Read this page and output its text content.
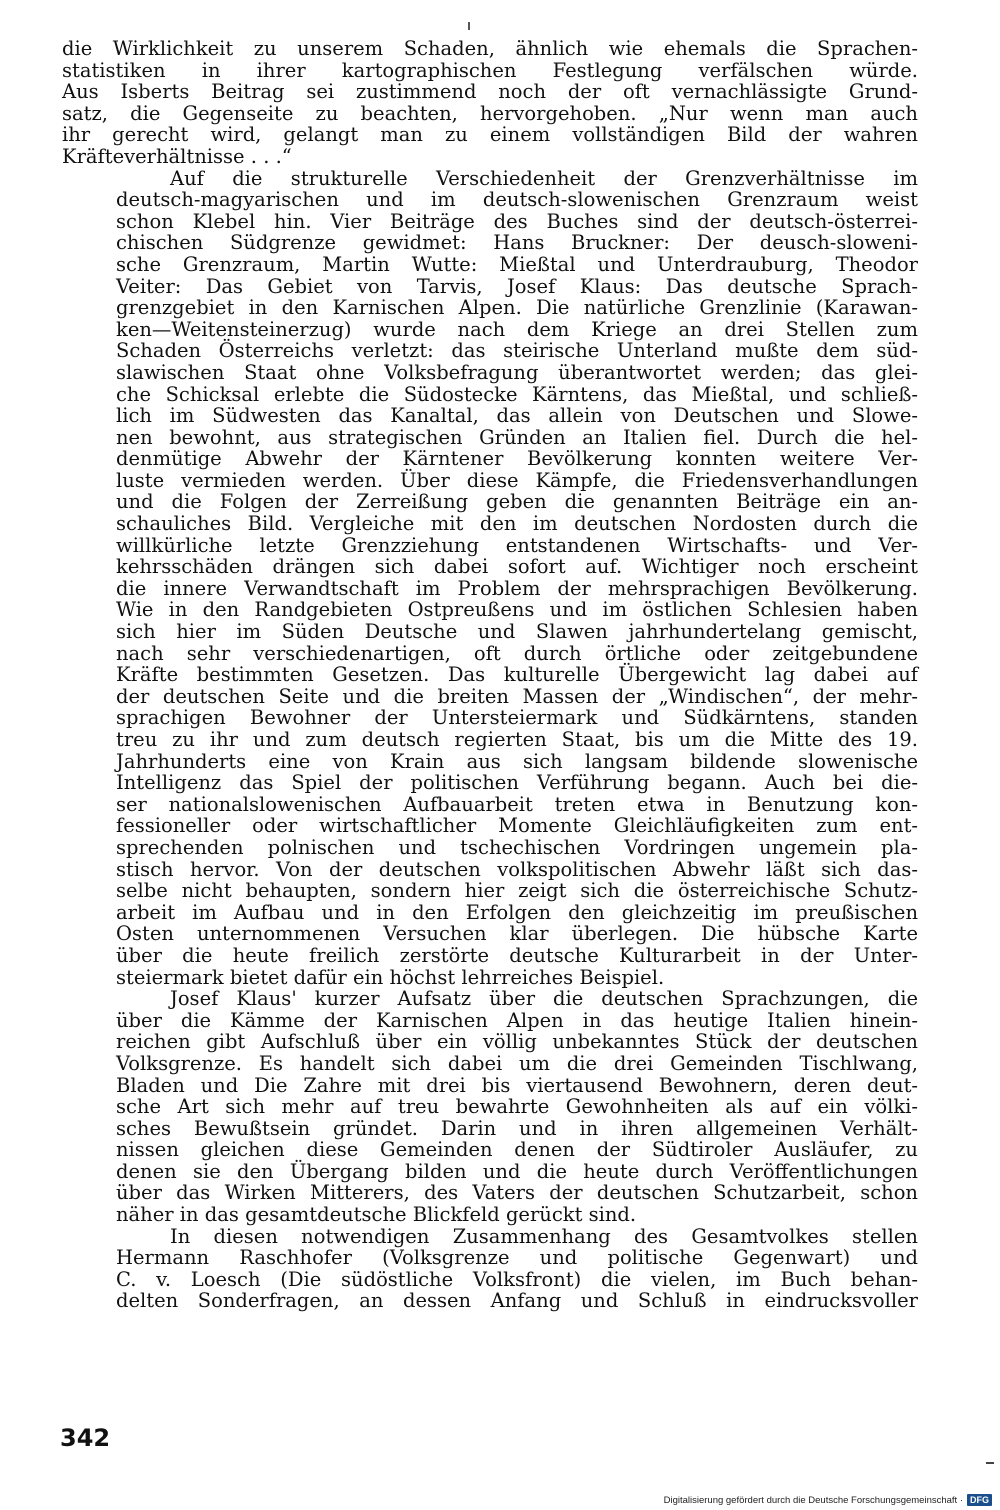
die Wirklichkeit zu unserem Schaden, ähnlich wie ehemals die Sprachen-
statistiken in ihrer kartographischen Festlegung verfälschen würde.
Aus Isberts Beitrag sei zustimmend noch der oft vernachlässigte Grund-
satz, die Gegenseite zu beachten, hervorgehoben. „Nur wenn man auch
ihr gerecht wird, gelangt man zu einem vollständigen Bild der wahren
Kräfteverhältnisse . . .“

Auf die strukturelle Verschiedenheit der Grenzverhältnisse im
deutsch-magyarischen und im deutsch-slowenischen Grenzraum weist
schon Klebel hin. Vier Beiträge des Buches sind der deutsch-österrei-
chischen Südgrenze gewidmet: Hans Bruckner: Der deusch-sloweni-
sche Grenzraum, Martin Wutte: Mießtal und Unterdrauburg, Theodor
Veiter: Das Gebiet von Tarvis, Josef Klaus: Das deutsche Sprach-
grenzgebiet in den Karnischen Alpen. Die natürliche Grenzlinie (Karawan-
ken—Weitensteinerzug) wurde nach dem Kriege an drei Stellen zum
Schaden Österreichs verletzt: das steirische Unterland mußte dem süd-
slawischen Staat ohne Volksbefragung überantwortet werden; das glei-
che Schicksal erlebte die Südostecke Kärntens, das Mießtal, und schließ-
lich im Südwesten das Kanaltal, das allein von Deutschen und Slowe-
nen bewohnt, aus strategischen Gründen an Italien fiel. Durch die hel-
denmütige Abwehr der Kärntener Bevölkerung konnten weitere Ver-
luste vermieden werden. Über diese Kämpfe, die Friedensverhandlungen
und die Folgen der Zerreißung geben die genannten Beiträge ein an-
schauliches Bild. Vergleiche mit den im deutschen Nordosten durch die
willkürliche letzte Grenzziehung entstandenen Wirtschafts- und Ver-
kehrsschäden drängen sich dabei sofort auf. Wichtiger noch erscheint
die innere Verwandtschaft im Problem der mehrsprachigen Bevölkerung.
Wie in den Randgebieten Ostpreußens und im östlichen Schlesien haben
sich hier im Süden Deutsche und Slawen jahrhundertelang gemischt,
nach sehr verschiedenartigen, oft durch örtliche oder zeitgebundene
Kräfte bestimmten Gesetzen. Das kulturelle Übergewicht lag dabei auf
der deutschen Seite und die breiten Massen der „Windischen“, der mehr-
sprachigen Bewohner der Untersteiermark und Südkärntens, standen
treu zu ihr und zum deutsch regierten Staat, bis um die Mitte des 19.
Jahrhunderts eine von Krain aus sich langsam bildende slowenische
Intelligenz das Spiel der politischen Verführung begann. Auch bei die-
ser nationalslowenischen Aufbauarbeit treten etwa in Benutzung kon-
fessioneller oder wirtschaftlicher Momente Gleichläufigkeiten zum ent-
sprechenden polnischen und tschechischen Vordringen ungemein pla-
stisch hervor. Von der deutschen volkspolitischen Abwehr läßt sich das-
selbe nicht behaupten, sondern hier zeigt sich die österreichische Schutz-
arbeit im Aufbau und in den Erfolgen den gleichzeitig im preußischen
Osten unternommenen Versuchen klar überlegen. Die hübsche Karte
über die heute freilich zerstörte deutsche Kulturarbeit in der Unter-
steiermark bietet dafür ein höchst lehrreiches Beispiel.

Josef Klaus' kurzer Aufsatz über die deutschen Sprachzungen, die
über die Kämme der Karnischen Alpen in das heutige Italien hinein-
reichen gibt Aufschluß über ein völlig unbekanntes Stück der deutschen
Volksgrenze. Es handelt sich dabei um die drei Gemeinden Tischlwang,
Bladen und Die Zahre mit drei bis viertausend Bewohnern, deren deut-
sche Art sich mehr auf treu bewahrte Gewohnheiten als auf ein völki-
sches Bewußtsein gründet. Darin und in ihren allgemeinen Verhält-
nissen gleichen diese Gemeinden denen der Südtiroler Ausläufer, zu
denen sie den Übergang bilden und die heute durch Veröffentlichungen
über das Wirken Mitterers, des Vaters der deutschen Schutzarbeit, schon
näher in das gesamtdeutsche Blickfeld gerückt sind.

In diesen notwendigen Zusammenhang des Gesamtvolkes stellen
Hermann Raschhofer (Volksgrenze und politische Gegenwart) und
C. v. Loesch (Die südöstliche Volksfront) die vielen, im Buch behan-
delten Sonderfragen, an dessen Anfang und Schluß in eindrucksvoller

342
Digitalisierung gefördert durch die Deutsche Forschungsgemeinschaft · DFG
